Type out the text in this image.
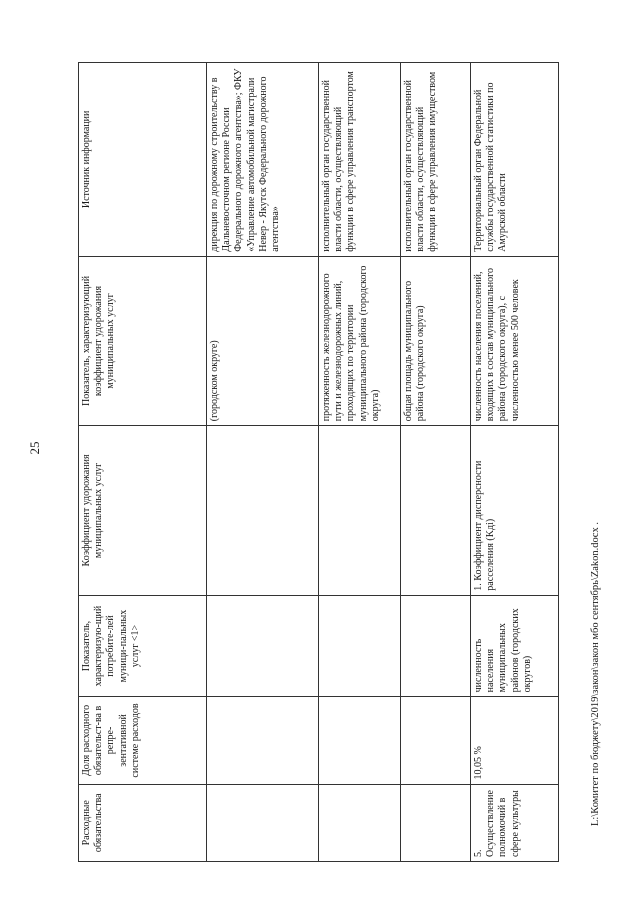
25
Расходные обязательства	Доля расходного обязательст-ва в репре-зентативной системе расходов	Показатель, характеризую-щий потребите-лей муници-пальных услуг <1>	Коэффициент удорожания муниципальных услуг	Показатель, характеризующий коэффициент удорожания муниципальных услуг	Источник информации
				(городском округе)	дирекция по дорожному строительству в Дальневосточном регионе России Федерального дорожного агентства»; ФКУ «Управление автомобильной магистрали Невер - Якутск Федерального дорожного агентства»
				протяженность железнодорожного пути и железнодорожных линий, проходящих по территории муниципального района (городского округа)	исполнительный орган государственной власти области, осуществляющий функции в сфере управления транспортом
				общая площадь муниципального района (городского округа)	исполнительный орган государственной власти области, осуществляющий функции в сфере управления имуществом
5. Осуществление полномочий в сфере культуры	10,05 %	численность населения муниципальных районов (городских округов)	1. Коэффициент дисперсности расселения (Kдi)	численность населения поселений, входящих в состав муниципального района (городского округа), с численностью менее 500 человек	Территориальный орган Федеральной службы государственной статистики по Амурской области
L:\Комитет по бюджету\2019\закон\закон мбо сентябрь\Zakon.docx .
